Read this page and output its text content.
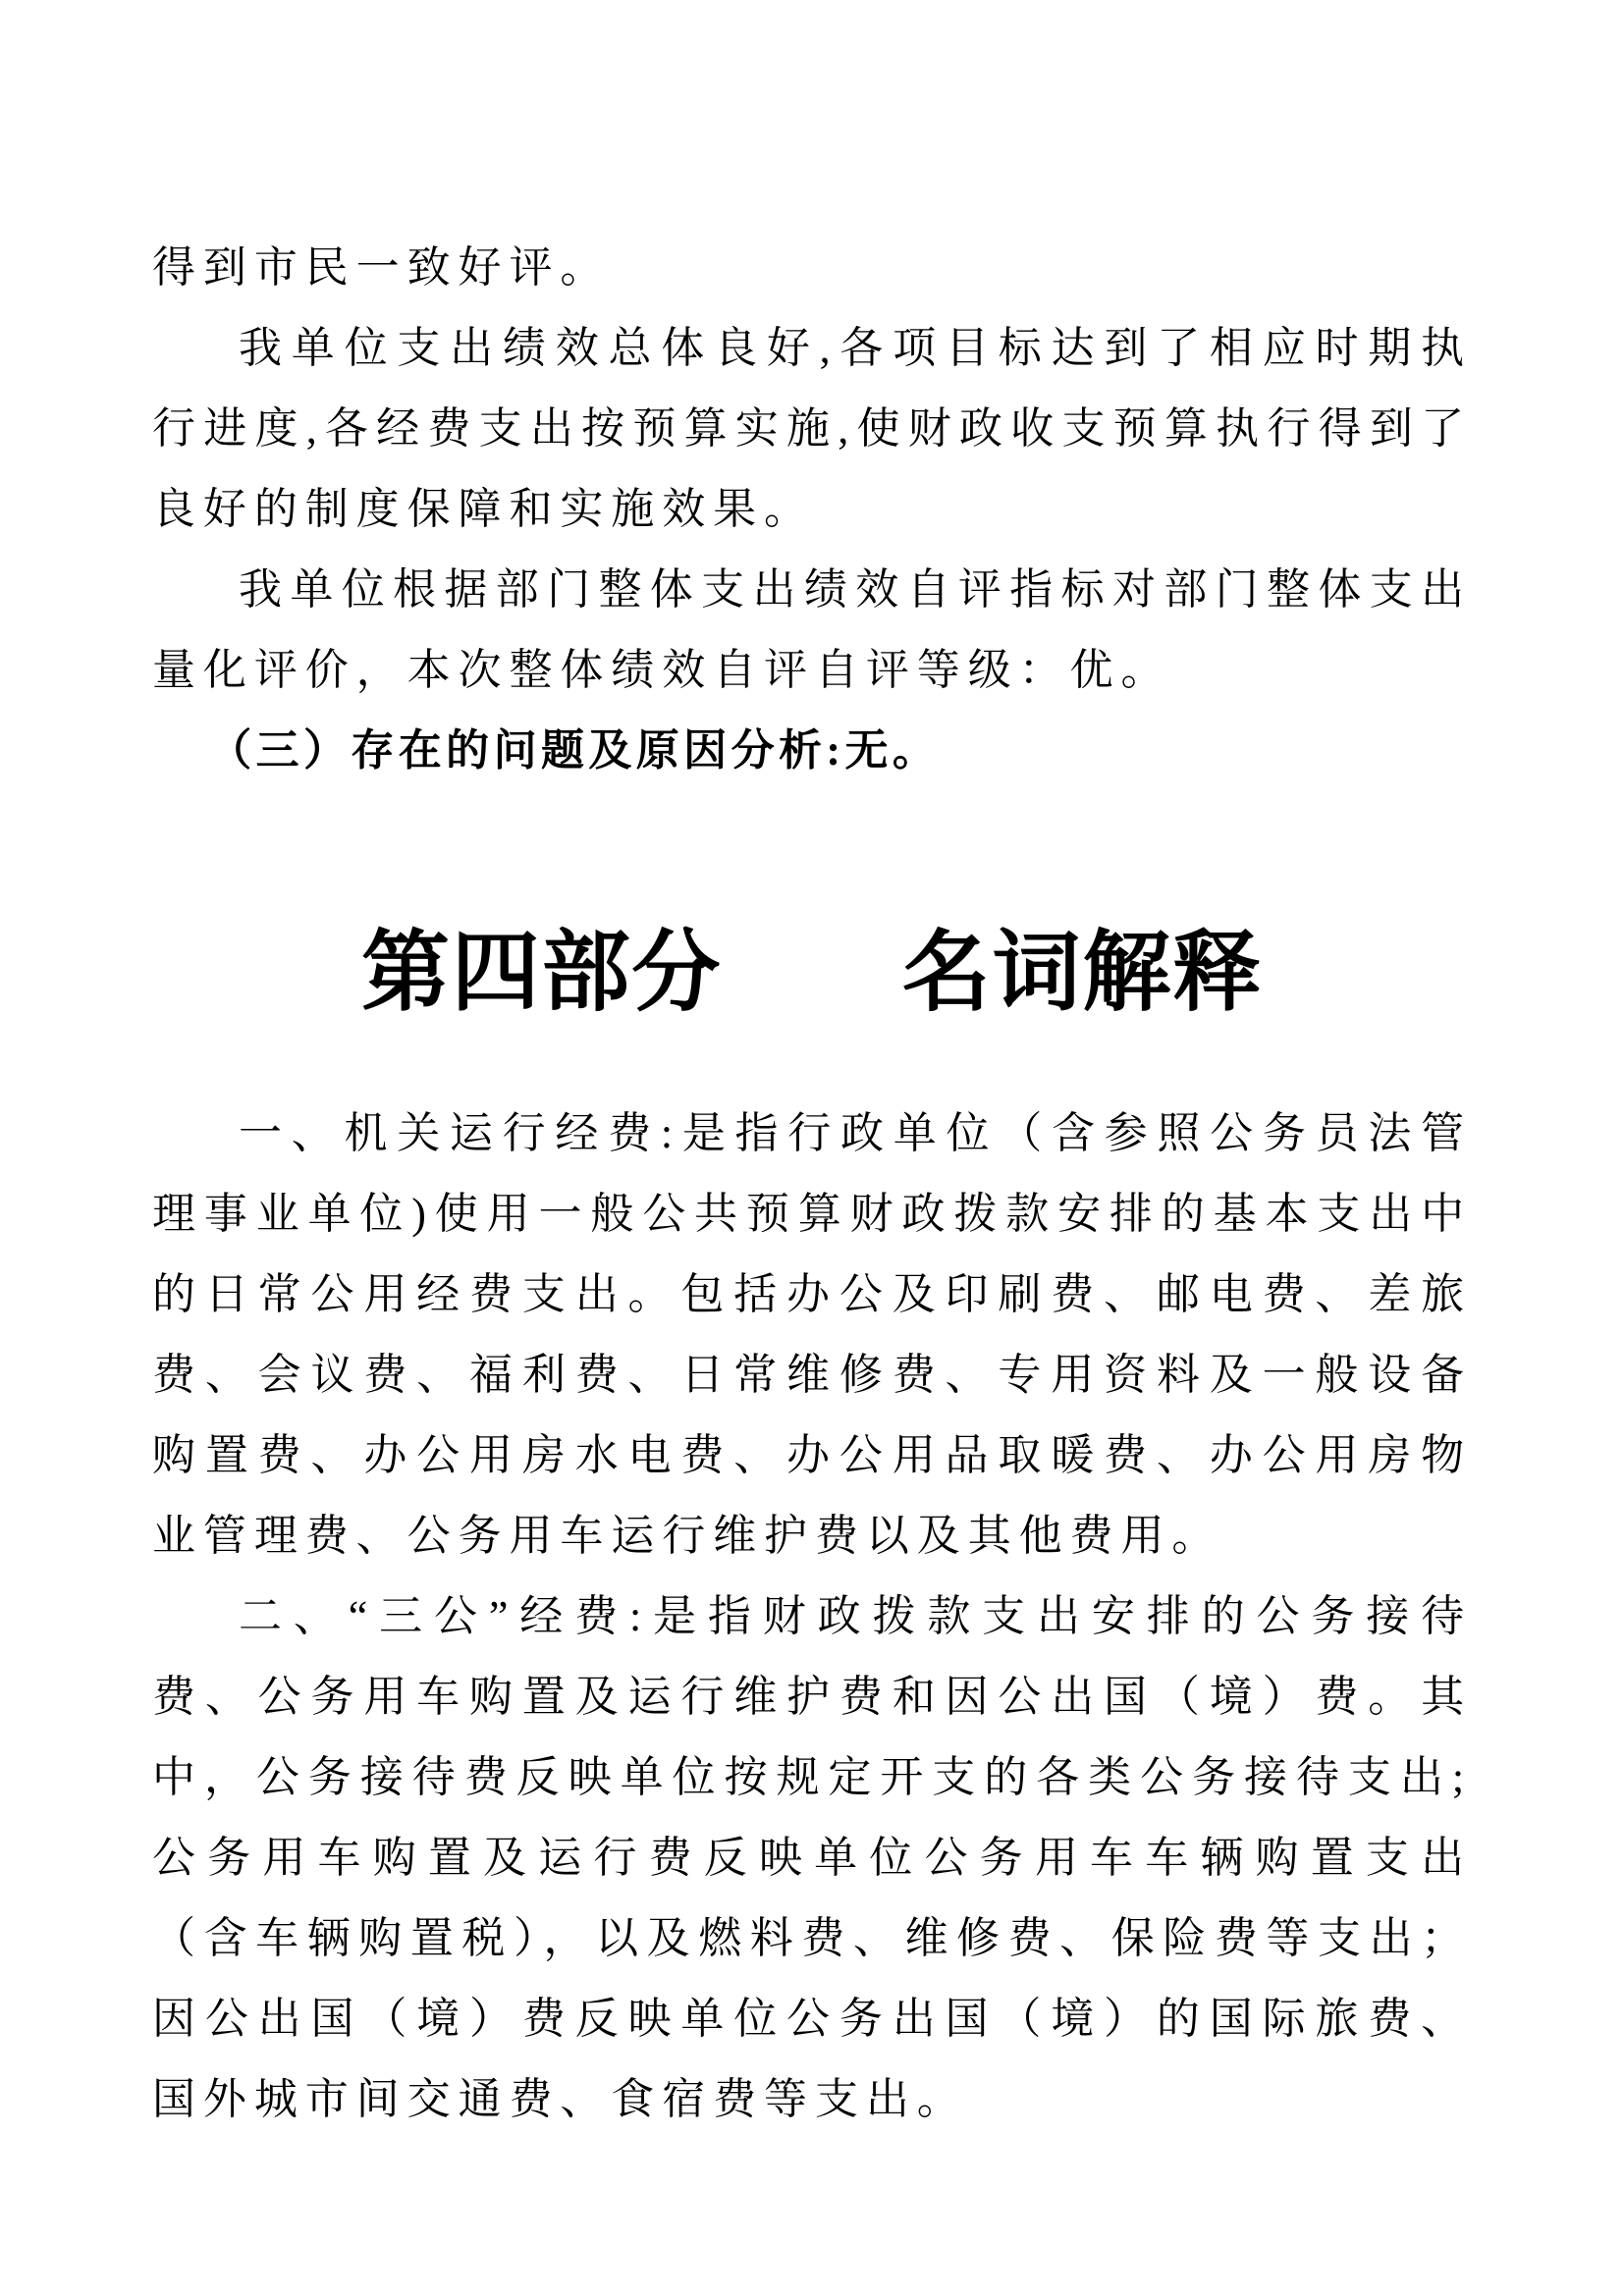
得到市民一致好评。

我单位支出绩效总体良好,各项目标达到了相应时期执行进度,各经费支出按预算实施,使财政收支预算执行得到了良好的制度保障和实施效果。

我单位根据部门整体支出绩效自评指标对部门整体支出量化评价，本次整体绩效自评自评等级：优。

（三）存在的问题及原因分析:无。

第四部分　　名词解释

一、机关运行经费:是指行政单位（含参照公务员法管理事业单位)使用一般公共预算财政拨款安排的基本支出中的日常公用经费支出。包括办公及印刷费、邮电费、差旅费、会议费、福利费、日常维修费、专用资料及一般设备购置费、办公用房水电费、办公用品取暖费、办公用房物业管理费、公务用车运行维护费以及其他费用。

二、“三公”经费:是指财政拨款支出安排的公务接待费、公务用车购置及运行维护费和因公出国（境）费。其中，公务接待费反映单位按规定开支的各类公务接待支出;公务用车购置及运行费反映单位公务用车车辆购置支出（含车辆购置税），以及燃料费、维修费、保险费等支出；因公出国（境）费反映单位公务出国（境）的国际旅费、国外城市间交通费、食宿费等支出。
